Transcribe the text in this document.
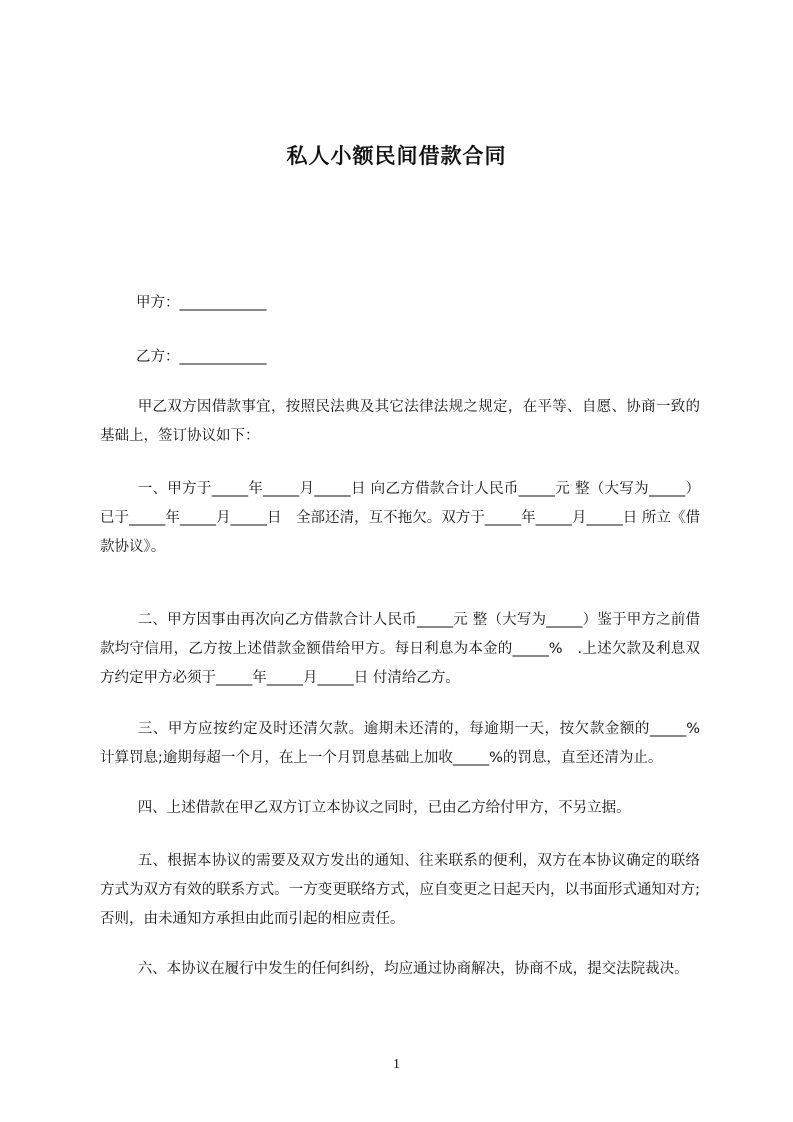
私人小额民间借款合同
甲方：____________
乙方：____________
甲乙双方因借款事宜，按照民法典及其它法律法规之规定，在平等、自愿、协商一致的基础上，签订协议如下：
一、甲方于_____年_____月_____日 向乙方借款合计人民币_____元 整（大写为_____）已于_____年_____月_____日　全部还清，互不拖欠。双方于_____年_____月_____日 所立《借款协议》。
二、甲方因事由再次向乙方借款合计人民币_____元 整（大写为_____）鉴于甲方之前借款均守信用，乙方按上述借款金额借给甲方。每日利息为本金的_____%　.上述欠款及利息双方约定甲方必须于_____年_____月_____日 付清给乙方。
三、甲方应按约定及时还清欠款。逾期未还清的，每逾期一天，按欠款金额的_____%　计算罚息;逾期每超一个月，在上一个月罚息基础上加收_____%的罚息，直至还清为止。
四、上述借款在甲乙双方订立本协议之同时，已由乙方给付甲方，不另立据。
五、根据本协议的需要及双方发出的通知、往来联系的便利，双方在本协议确定的联络方式为双方有效的联系方式。一方变更联络方式，应自变更之日起天内，以书面形式通知对方;否则，由未通知方承担由此而引起的相应责任。
六、本协议在履行中发生的任何纠纷，均应通过协商解决，协商不成，提交法院裁决。
1
